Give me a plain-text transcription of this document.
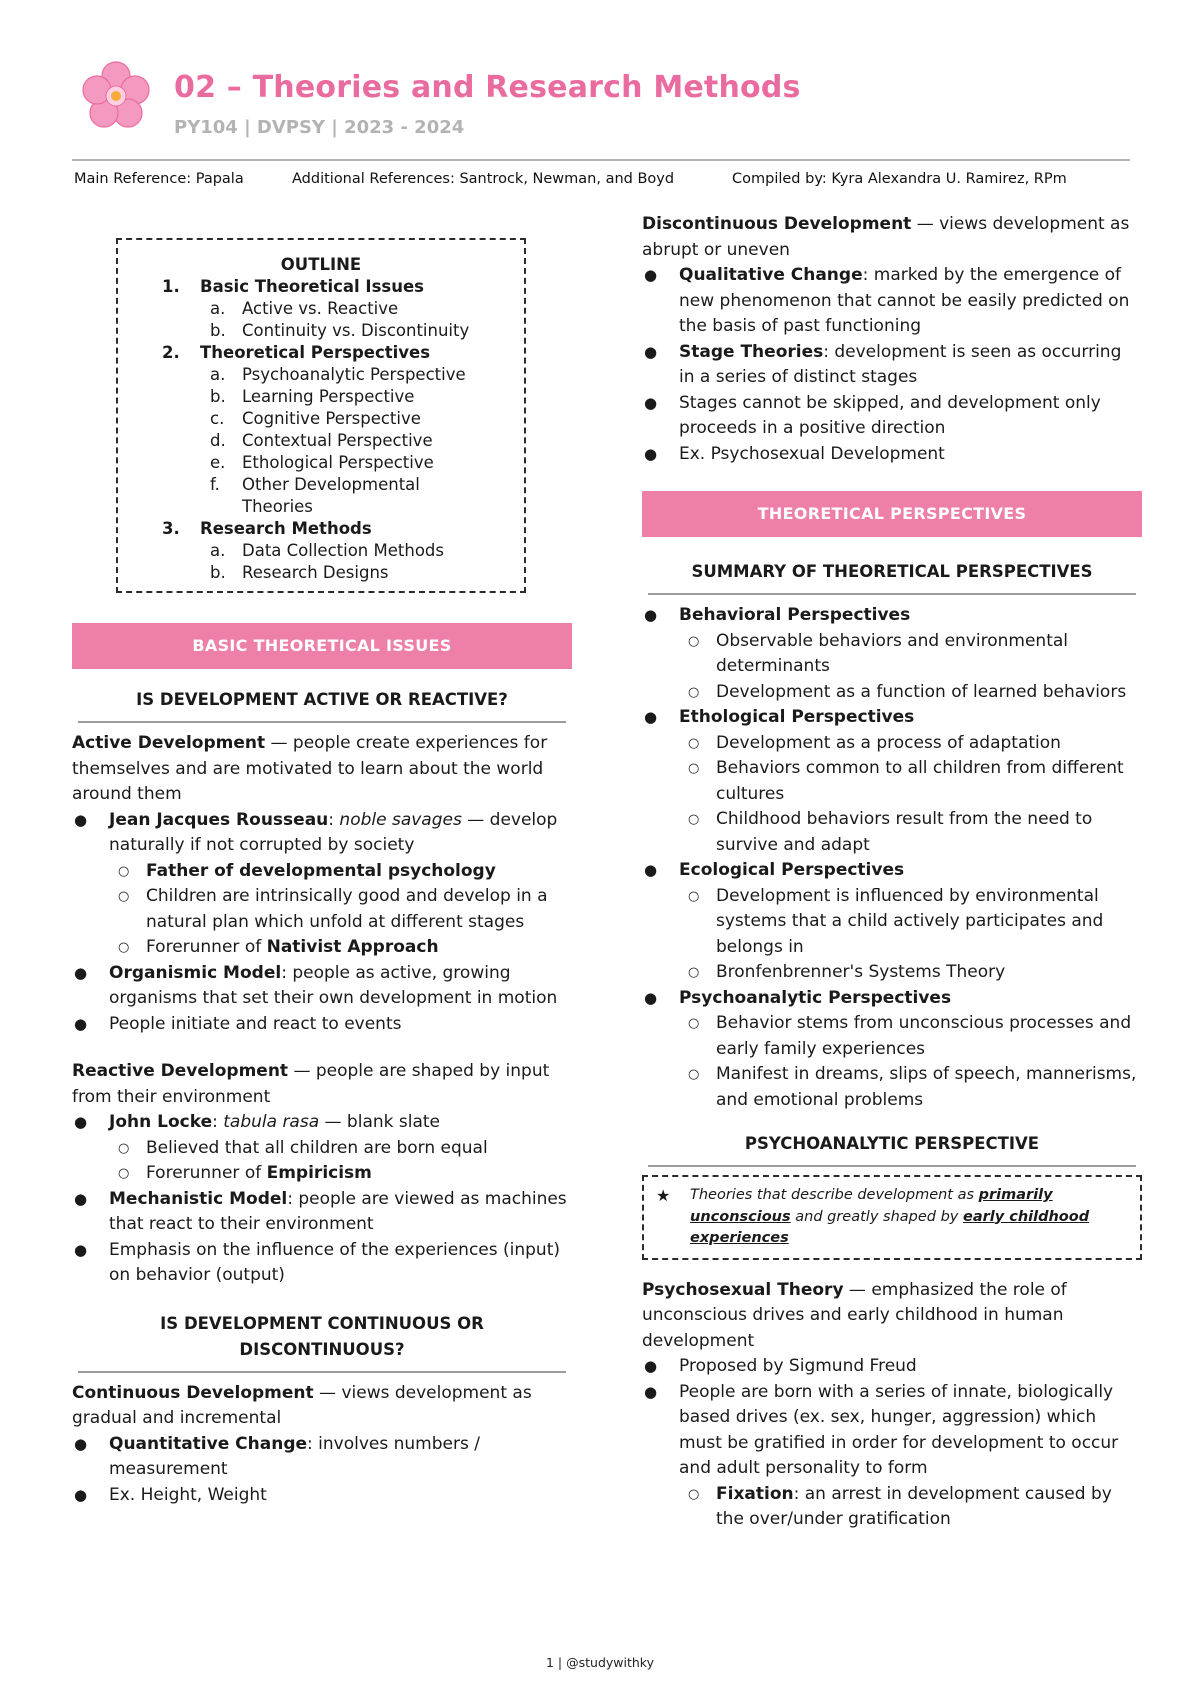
02 – Theories and Research Methods
PY104 | DVPSY | 2023 - 2024
Main Reference: Papala	Additional References: Santrock, Newman, and Boyd	Compiled by: Kyra Alexandra U. Ramirez, RPm
OUTLINE
1. Basic Theoretical Issues
a. Active vs. Reactive
b. Continuity vs. Discontinuity
2. Theoretical Perspectives
a. Psychoanalytic Perspective
b. Learning Perspective
c. Cognitive Perspective
d. Contextual Perspective
e. Ethological Perspective
f. Other Developmental Theories
3. Research Methods
a. Data Collection Methods
b. Research Designs
BASIC THEORETICAL ISSUES
IS DEVELOPMENT ACTIVE OR REACTIVE?

Active Development — people create experiences for themselves and are motivated to learn about the world around them

●
Jean Jacques Rousseau: noble savages — develop naturally if not corrupted by society
○
Father of developmental psychology
○
Children are intrinsically good and develop in a natural plan which unfold at different stages
○
Forerunner of Nativist Approach
●
Organismic Model: people as active, growing organisms that set their own development in motion
●
People initiate and react to events

Reactive Development — people are shaped by input from their environment

●
John Locke: tabula rasa — blank slate
○
Believed that all children are born equal
○
Forerunner of Empiricism
●
Mechanistic Model: people are viewed as machines that react to their environment
●
Emphasis on the influence of the experiences (input) on behavior (output)
IS DEVELOPMENT CONTINUOUS OR DISCONTINUOUS?

Continuous Development — views development as gradual and incremental

●
Quantitative Change: involves numbers / measurement
●
Ex. Height, Weight

Discontinuous Development — views development as abrupt or uneven

●
Qualitative Change: marked by the emergence of new phenomenon that cannot be easily predicted on the basis of past functioning
●
Stage Theories: development is seen as occurring in a series of distinct stages
●
Stages cannot be skipped, and development only proceeds in a positive direction
●
Ex. Psychosexual Development
THEORETICAL PERSPECTIVES
SUMMARY OF THEORETICAL PERSPECTIVES
●
Behavioral Perspectives
○
Observable behaviors and environmental determinants
○
Development as a function of learned behaviors
●
Ethological Perspectives
○
Development as a process of adaptation
○
Behaviors common to all children from different cultures
○
Childhood behaviors result from the need to survive and adapt
●
Ecological Perspectives
○
Development is influenced by environmental systems that a child actively participates and belongs in
○
Bronfenbrenner's Systems Theory
●
Psychoanalytic Perspectives
○
Behavior stems from unconscious processes and early family experiences
○
Manifest in dreams, slips of speech, mannerisms, and emotional problems
PSYCHOANALYTIC PERSPECTIVE
★ Theories that describe development as primarily unconscious and greatly shaped by early childhood experiences

Psychosexual Theory — emphasized the role of unconscious drives and early childhood in human development

●
Proposed by Sigmund Freud
●
People are born with a series of innate, biologically based drives (ex. sex, hunger, aggression) which must be gratified in order for development to occur and adult personality to form
○
Fixation: an arrest in development caused by the over/under gratification
1 | @studywithky
